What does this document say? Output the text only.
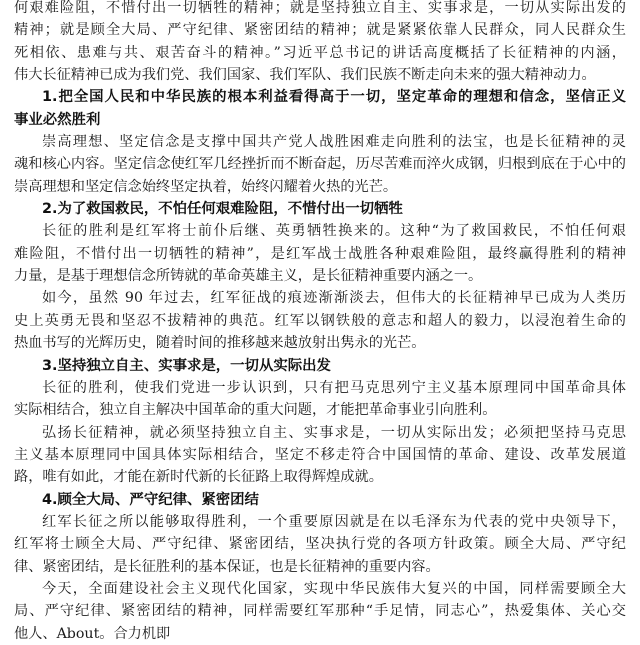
何艰难险阻，不惜付出一切牺牲的精神；就是坚持独立自主、实事求是，一切从实际出发的
精神；就是顾全大局、严守纪律、紧密团结的精神；就是紧紧依靠人民群众，同人民群众生
死相依、患难与共、艰苦奋斗的精神。”习近平总书记的讲话高度概括了长征精神的内涵，
伟大长征精神已成为我们党、我们国家、我们军队、我们民族不断走向未来的强大精神动力。
1.把全国人民和中华民族的根本利益看得高于一切，坚定革命的理想和信念，坚信正义
事业必然胜利
崇高理想、坚定信念是支撑中国共产党人战胜困难走向胜利的法宝，也是长征精神的灵
魂和核心内容。坚定信念使红军几经挫折而不断奋起，历尽苦难而淬火成钢，归根到底在于心中的
崇高理想和坚定信念始终坚定执着，始终闪耀着火热的光芒。
2.为了救国救民，不怕任何艰难险阻，不惜付出一切牺牲
长征的胜利是红军将士前仆后继、英勇牺牲换来的。这种“为了救国救民，不怕任何艰
难险阻，不惜付出一切牺牲的精神”，是红军战士战胜各种艰难险阻，最终赢得胜利的精神
力量，是基于理想信念所铸就的革命英雄主义，是长征精神重要内涵之一。
如今，虽然 90 年过去，红军征战的痕迹渐渐淡去，但伟大的长征精神早已成为人类历
史上英勇无畏和坚忍不拔精神的典范。红军以钢铁般的意志和超人的毅力，以浸泡着生命的
热血书写的光辉历史，随着时间的推移越来越放射出隽永的光芒。
3.坚持独立自主、实事求是，一切从实际出发
长征的胜利，使我们党进一步认识到，只有把马克思列宁主义基本原理同中国革命具体
实际相结合，独立自主解决中国革命的重大问题，才能把革命事业引向胜利。
弘扬长征精神，就必须坚持独立自主、实事求是，一切从实际出发；必须把坚持马克思
主义基本原理同中国具体实际相结合，坚定不移走符合中国国情的革命、建设、改革发展道
路，唯有如此，才能在新时代新的长征路上取得辉煌成就。
4.顾全大局、严守纪律、紧密团结
红军长征之所以能够取得胜利，一个重要原因就是在以毛泽东为代表的党中央领导下，
红军将士顾全大局、严守纪律、紧密团结，坚决执行党的各项方针政策。顾全大局、严守纪
律、紧密团结，是长征胜利的基本保证，也是长征精神的重要内容。
今天，全面建设社会主义现代化国家，实现中华民族伟大复兴的中国，同样需要顾全大
局、严守纪律、紧密团结的精神，同样需要红军那种“手足情，同志心”，热爱集体、关心交
他人、About。合力机即
